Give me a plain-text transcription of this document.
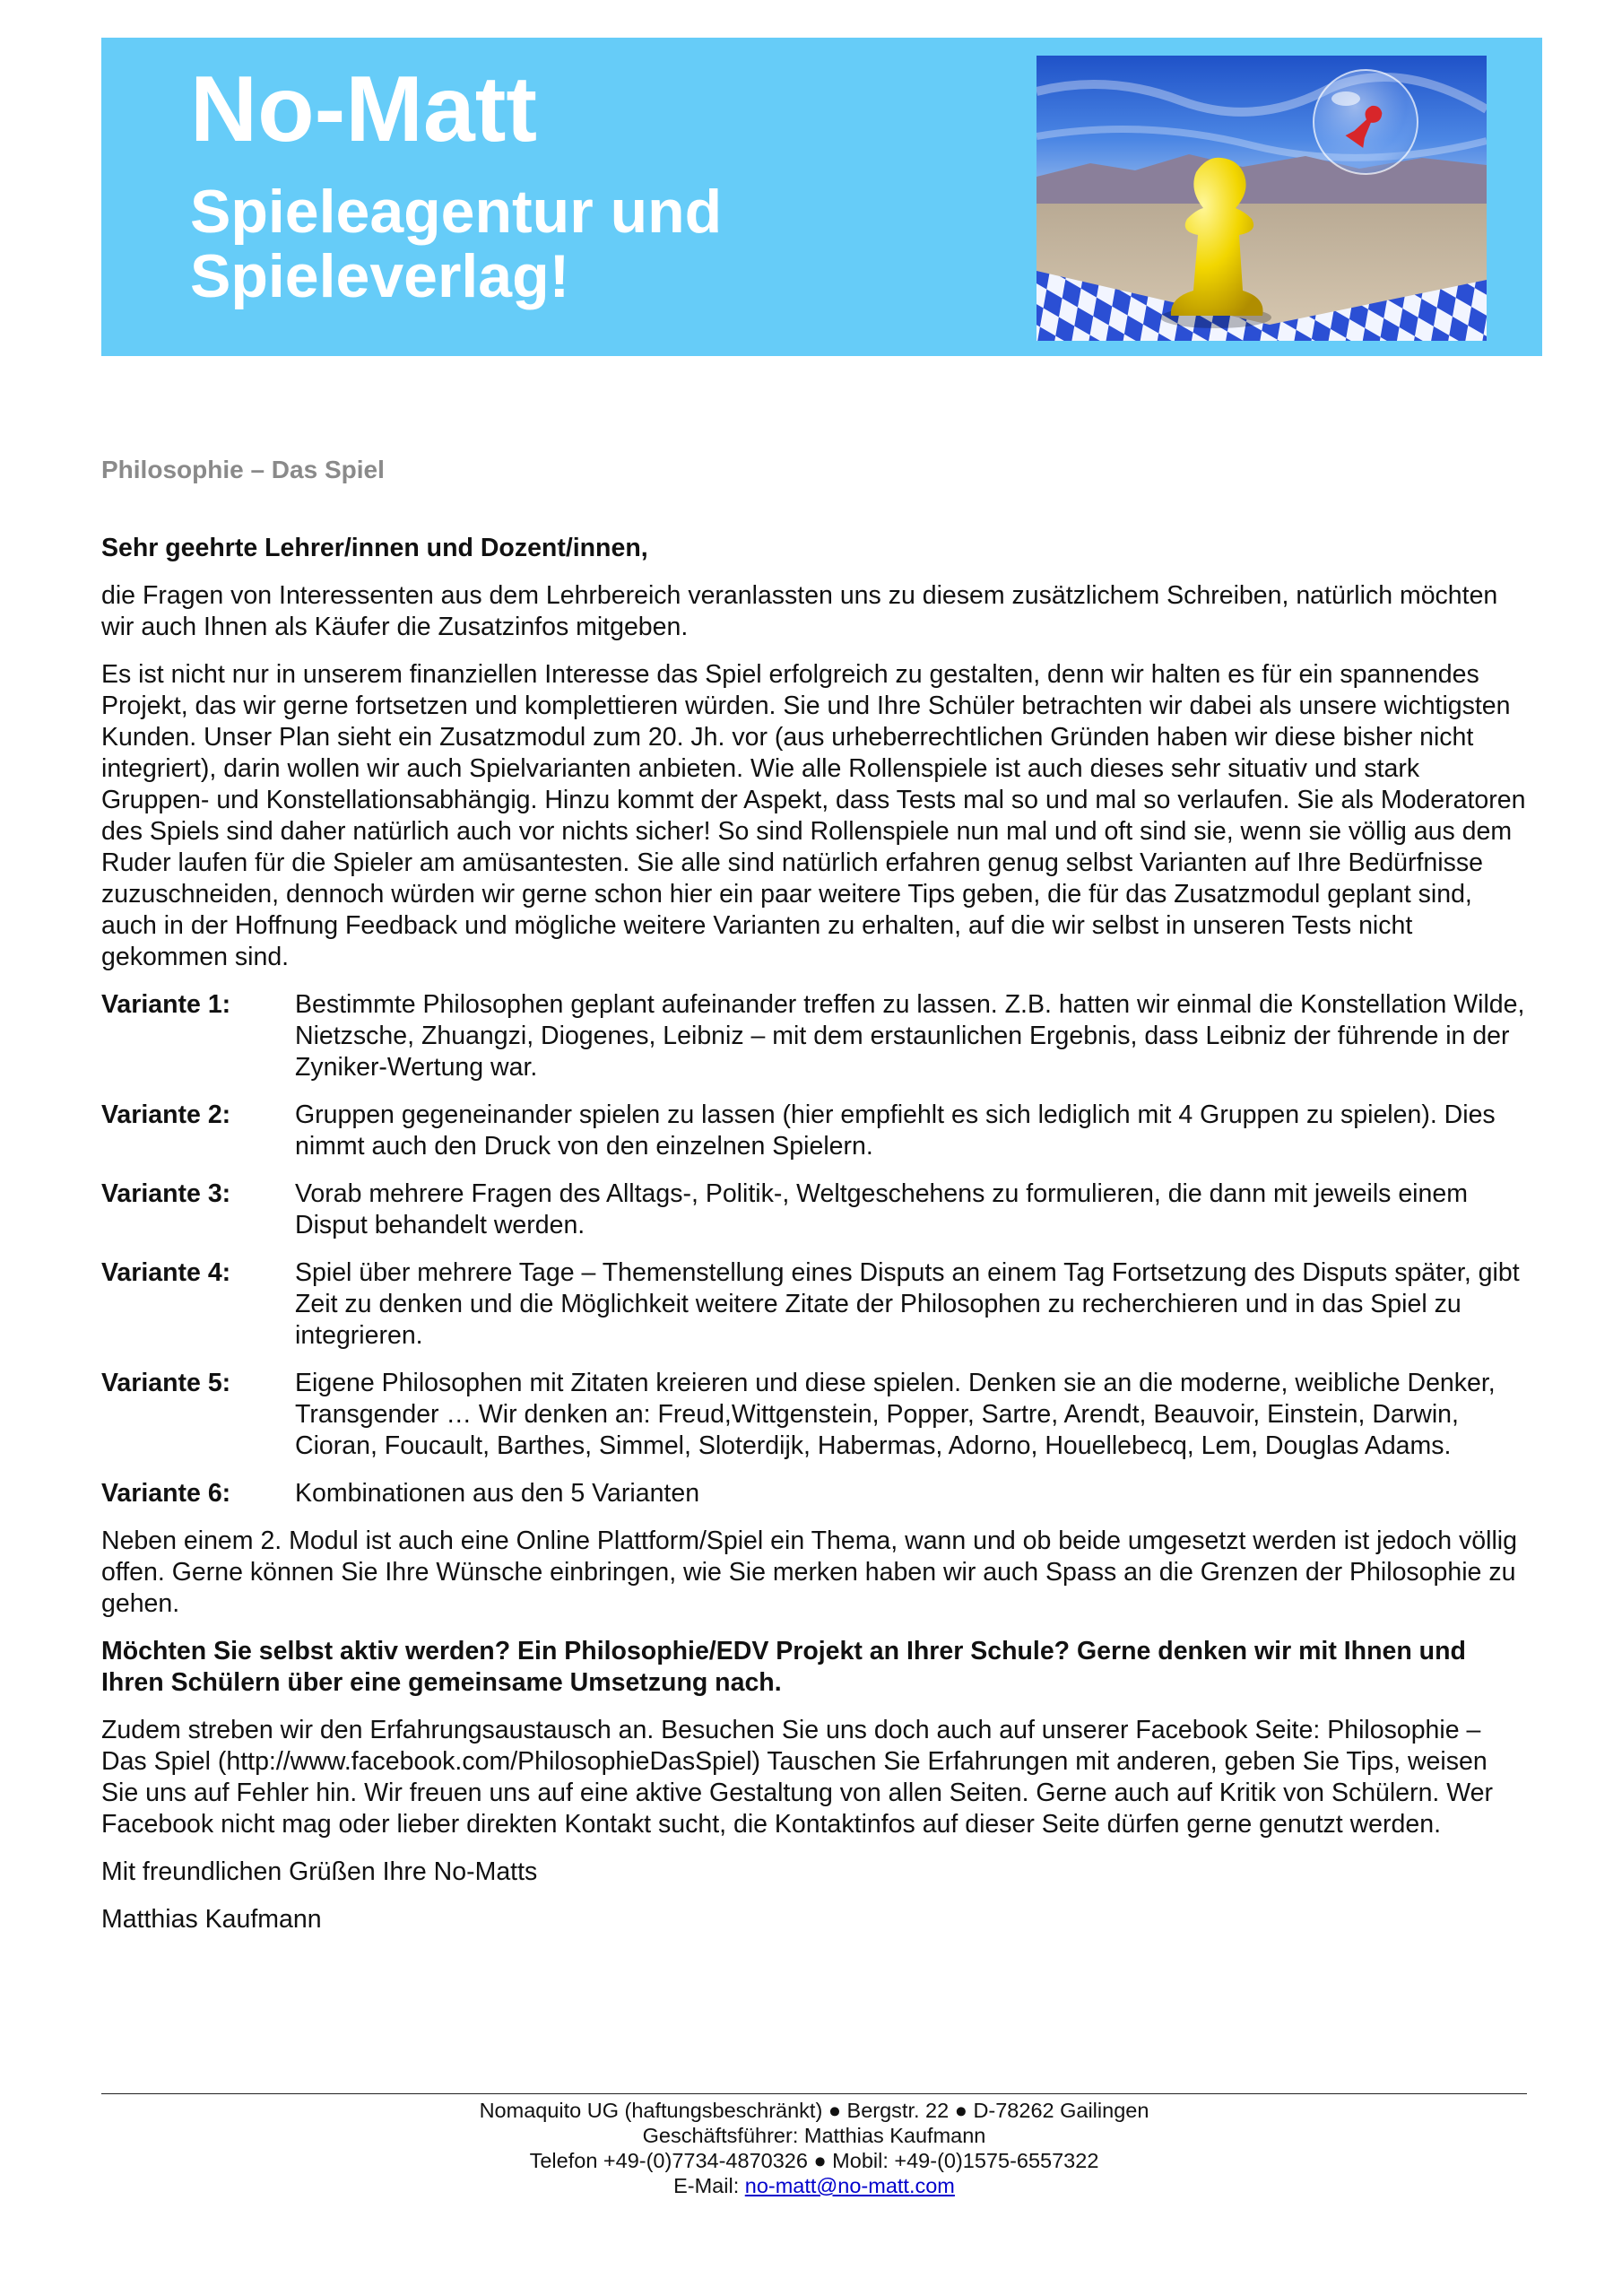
No-Matt
Spieleagentur und Spieleverlag!
Philosophie – Das Spiel

Sehr geehrte Lehrer/innen und Dozent/innen,

die Fragen von Interessenten aus dem Lehrbereich veranlassten uns zu diesem zusätzlichem Schreiben, natürlich möchten wir auch Ihnen als Käufer die Zusatzinfos mitgeben.

Es ist nicht nur in unserem finanziellen Interesse das Spiel erfolgreich zu gestalten, denn wir halten es für ein spannendes Projekt, das wir gerne fortsetzen und komplettieren würden. Sie und Ihre Schüler betrachten wir dabei als unsere wichtigsten Kunden. Unser Plan sieht ein Zusatzmodul zum 20. Jh. vor (aus urheberrechtlichen Gründen haben wir diese bisher nicht integriert), darin wollen wir auch Spielvarianten anbieten. Wie alle Rollenspiele ist auch dieses sehr situativ und stark Gruppen- und Konstellationsabhängig. Hinzu kommt der Aspekt, dass Tests mal so und mal so verlaufen. Sie als Moderatoren des Spiels sind daher natürlich auch vor nichts sicher! So sind Rollenspiele nun mal und oft sind sie, wenn sie völlig aus dem Ruder laufen für die Spieler am amüsantesten. Sie alle sind natürlich erfahren genug selbst Varianten auf Ihre Bedürfnisse zuzuschneiden, dennoch würden wir gerne schon hier ein paar weitere Tips geben, die für das Zusatzmodul geplant sind, auch in der Hoffnung Feedback und mögliche weitere Varianten zu erhalten, auf die wir selbst in unseren Tests nicht gekommen sind.

Variante 1:	Bestimmte Philosophen geplant aufeinander treffen zu lassen. Z.B. hatten wir einmal die Konstellation Wilde, Nietzsche, Zhuangzi, Diogenes, Leibniz – mit dem erstaunlichen Ergebnis, dass Leibniz der führende in der Zyniker-Wertung war.
Variante 2:	Gruppen gegeneinander spielen zu lassen (hier empfiehlt es sich lediglich mit 4 Gruppen zu spielen). Dies nimmt auch den Druck von den einzelnen Spielern.
Variante 3:	Vorab mehrere Fragen des Alltags-, Politik-, Weltgeschehens zu formulieren, die dann mit jeweils einem Disput behandelt werden.
Variante 4:	Spiel über mehrere Tage – Themenstellung eines Disputs an einem Tag Fortsetzung des Disputs später, gibt Zeit zu denken und die Möglichkeit weitere Zitate der Philosophen zu recherchieren und in das Spiel zu integrieren.
Variante 5:	Eigene Philosophen mit Zitaten kreieren und diese spielen. Denken sie an die moderne, weibliche Denker, Transgender … Wir denken an: Freud,Wittgenstein, Popper, Sartre, Arendt, Beauvoir, Einstein, Darwin, Cioran, Foucault, Barthes, Simmel, Sloterdijk, Habermas, Adorno, Houellebecq, Lem, Douglas Adams.
Variante 6:	Kombinationen aus den 5 Varianten

Neben einem 2. Modul ist auch eine Online Plattform/Spiel ein Thema, wann und ob beide umgesetzt werden ist jedoch völlig offen. Gerne können Sie Ihre Wünsche einbringen, wie Sie merken haben wir auch Spass an die Grenzen der Philosophie zu gehen.

Möchten Sie selbst aktiv werden? Ein Philosophie/EDV Projekt an Ihrer Schule? Gerne denken wir mit Ihnen und Ihren Schülern über eine gemeinsame Umsetzung nach.

Zudem streben wir den Erfahrungsaustausch an. Besuchen Sie uns doch auch auf unserer Facebook Seite: Philosophie – Das Spiel (http://www.facebook.com/PhilosophieDasSpiel) Tauschen Sie Erfahrungen mit anderen, geben Sie Tips, weisen Sie uns auf Fehler hin. Wir freuen uns auf eine aktive Gestaltung von allen Seiten. Gerne auch auf Kritik von Schülern. Wer Facebook nicht mag oder lieber direkten Kontakt sucht, die Kontaktinfos auf dieser Seite dürfen gerne genutzt werden.

Mit freundlichen Grüßen Ihre No-Matts

Matthias Kaufmann

Nomaquito UG (haftungsbeschränkt) ● Bergstr. 22 ● D-78262 Gailingen
Geschäftsführer: Matthias Kaufmann
Telefon +49-(0)7734-4870326 ● Mobil: +49-(0)1575-6557322
E-Mail: no-matt@no-matt.com
